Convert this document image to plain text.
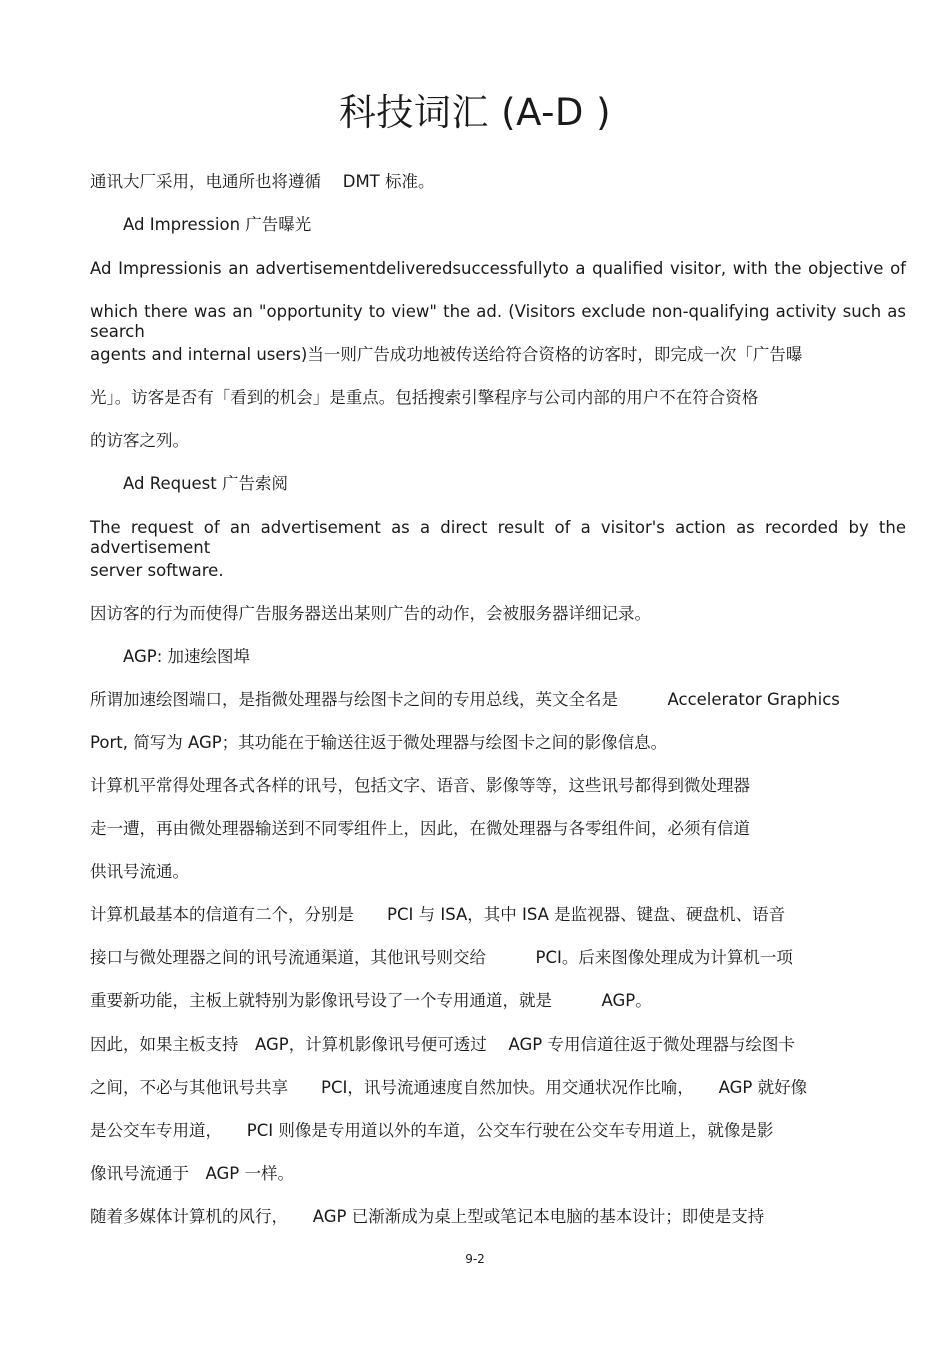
科技词汇 (A-D )
通讯大厂采用，电通所也将遵循　 DMT 标准。
Ad Impression 广告曝光
Ad Impressionis an advertisementdeliveredsuccessfullyto a qualified visitor, with the objective of
which there was an "opportunity to view" the ad. (Visitors exclude non-qualifying activity such as search
agents and internal users)当一则广告成功地被传送给符合资格的访客时，即完成一次「广告曝
光」。访客是否有「看到的机会」是重点。包括搜索引擎程序与公司内部的用户不在符合资格
的访客之列。
Ad Request 广告索阅
The request of an advertisement as a direct result of a visitor's action as recorded by the advertisement
server software.
因访客的行为而使得广告服务器送出某则广告的动作，会被服务器详细记录。
AGP: 加速绘图埠
所谓加速绘图端口，是指微处理器与绘图卡之间的专用总线，英文全名是　　　Accelerator Graphics
Port, 简写为 AGP；其功能在于输送往返于微处理器与绘图卡之间的影像信息。
计算机平常得处理各式各样的讯号，包括文字、语音、影像等等，这些讯号都得到微处理器
走一遭，再由微处理器输送到不同零组件上，因此，在微处理器与各零组件间，必须有信道
供讯号流通。
计算机最基本的信道有二个，分别是　　PCI 与 ISA，其中 ISA 是监视器、键盘、硬盘机、语音
接口与微处理器之间的讯号流通渠道，其他讯号则交给　　　PCI。后来图像处理成为计算机一项
重要新功能，主板上就特别为影像讯号设了一个专用通道，就是　　　AGP。
因此，如果主板支持　AGP，计算机影像讯号便可透过　 AGP 专用信道往返于微处理器与绘图卡
之间，不必与其他讯号共享　　PCI，讯号流通速度自然加快。用交通状况作比喻，　　AGP 就好像
是公交车专用道，　　PCI 则像是专用道以外的车道，公交车行驶在公交车专用道上，就像是影
像讯号流通于　AGP 一样。
随着多媒体计算机的风行，　　AGP 已渐渐成为桌上型或笔记本电脑的基本设计；即使是支持
9-2
